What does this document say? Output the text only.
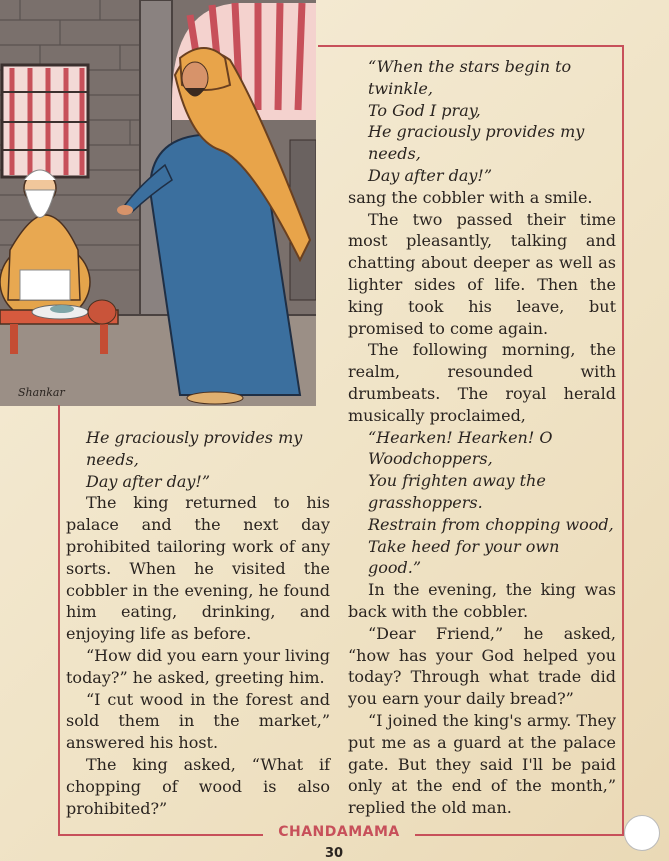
Shankar

“When the stars begin to twinkle,

To God I pray,

He graciously provides my needs,

Day after day!”

sang the cobbler with a smile.

The two passed their time most pleasantly, talking and chatting about deeper as well as lighter sides of life. Then the king took his leave, but promised to come again.

The following morning, the realm, resounded with drumbeats. The royal herald musically proclaimed,

“Hearken! Hearken! O Woodchoppers,

You frighten away the grasshoppers.

Restrain from chopping wood,

Take heed for your own good.”

In the evening, the king was back with the cobbler.

“Dear Friend,” he asked, “how has your God helped you today? Through what trade did you earn your daily bread?”

“I joined the king's army. They put me as a guard at the palace gate. But they said I'll be paid only at the end of the month,” replied the old man.

He graciously provides my

needs,

Day after day!”

The king returned to his palace and the next day prohibited tailoring work of any sorts. When he visited the cobbler in the evening, he found him eating, drinking, and enjoying life as before.

“How did you earn your living today?” he asked, greeting him.

“I cut wood in the forest and sold them in the market,” answered his host.

The king asked, “What if chopping of wood is also prohibited?”

CHANDAMAMA
30
